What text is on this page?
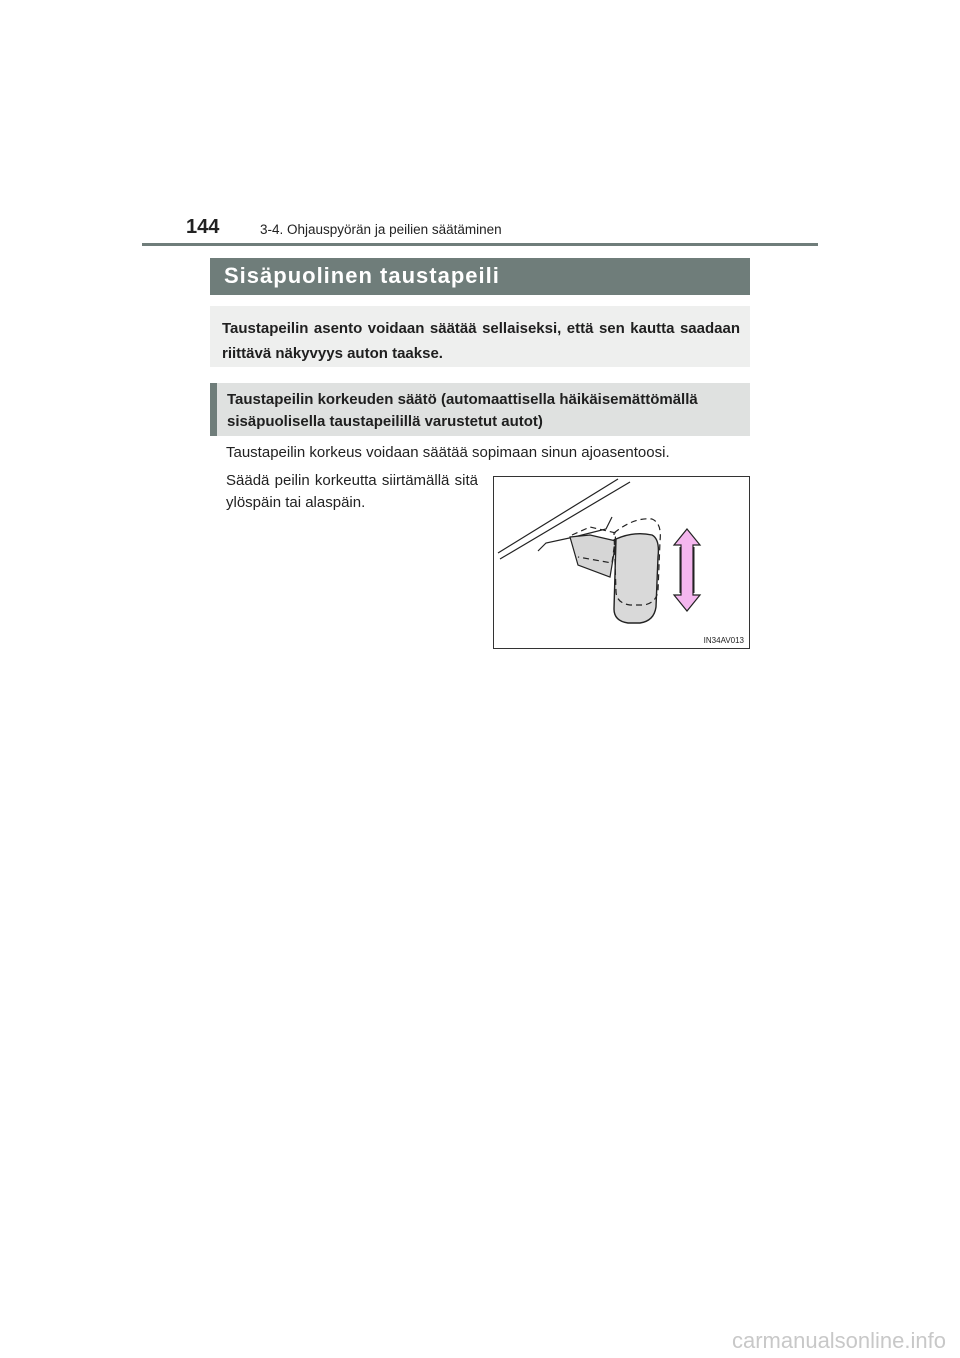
144	3-4. Ohjauspyörän ja peilien säätäminen
Sisäpuolinen taustapeili

Taustapeilin asento voidaan säätää sellaiseksi, että sen kautta saadaan riittävä näkyvyys auton taakse.

Taustapeilin korkeuden säätö (automaattisella häikäisemättömällä sisäpuolisella taustapeilillä varustetut autot)

Taustapeilin korkeus voidaan säätää sopimaan sinun ajoasentoosi.

Säädä peilin korkeutta siirtämällä sitä ylöspäin tai alaspäin.

IN34AV013
carmanualsonline.info
